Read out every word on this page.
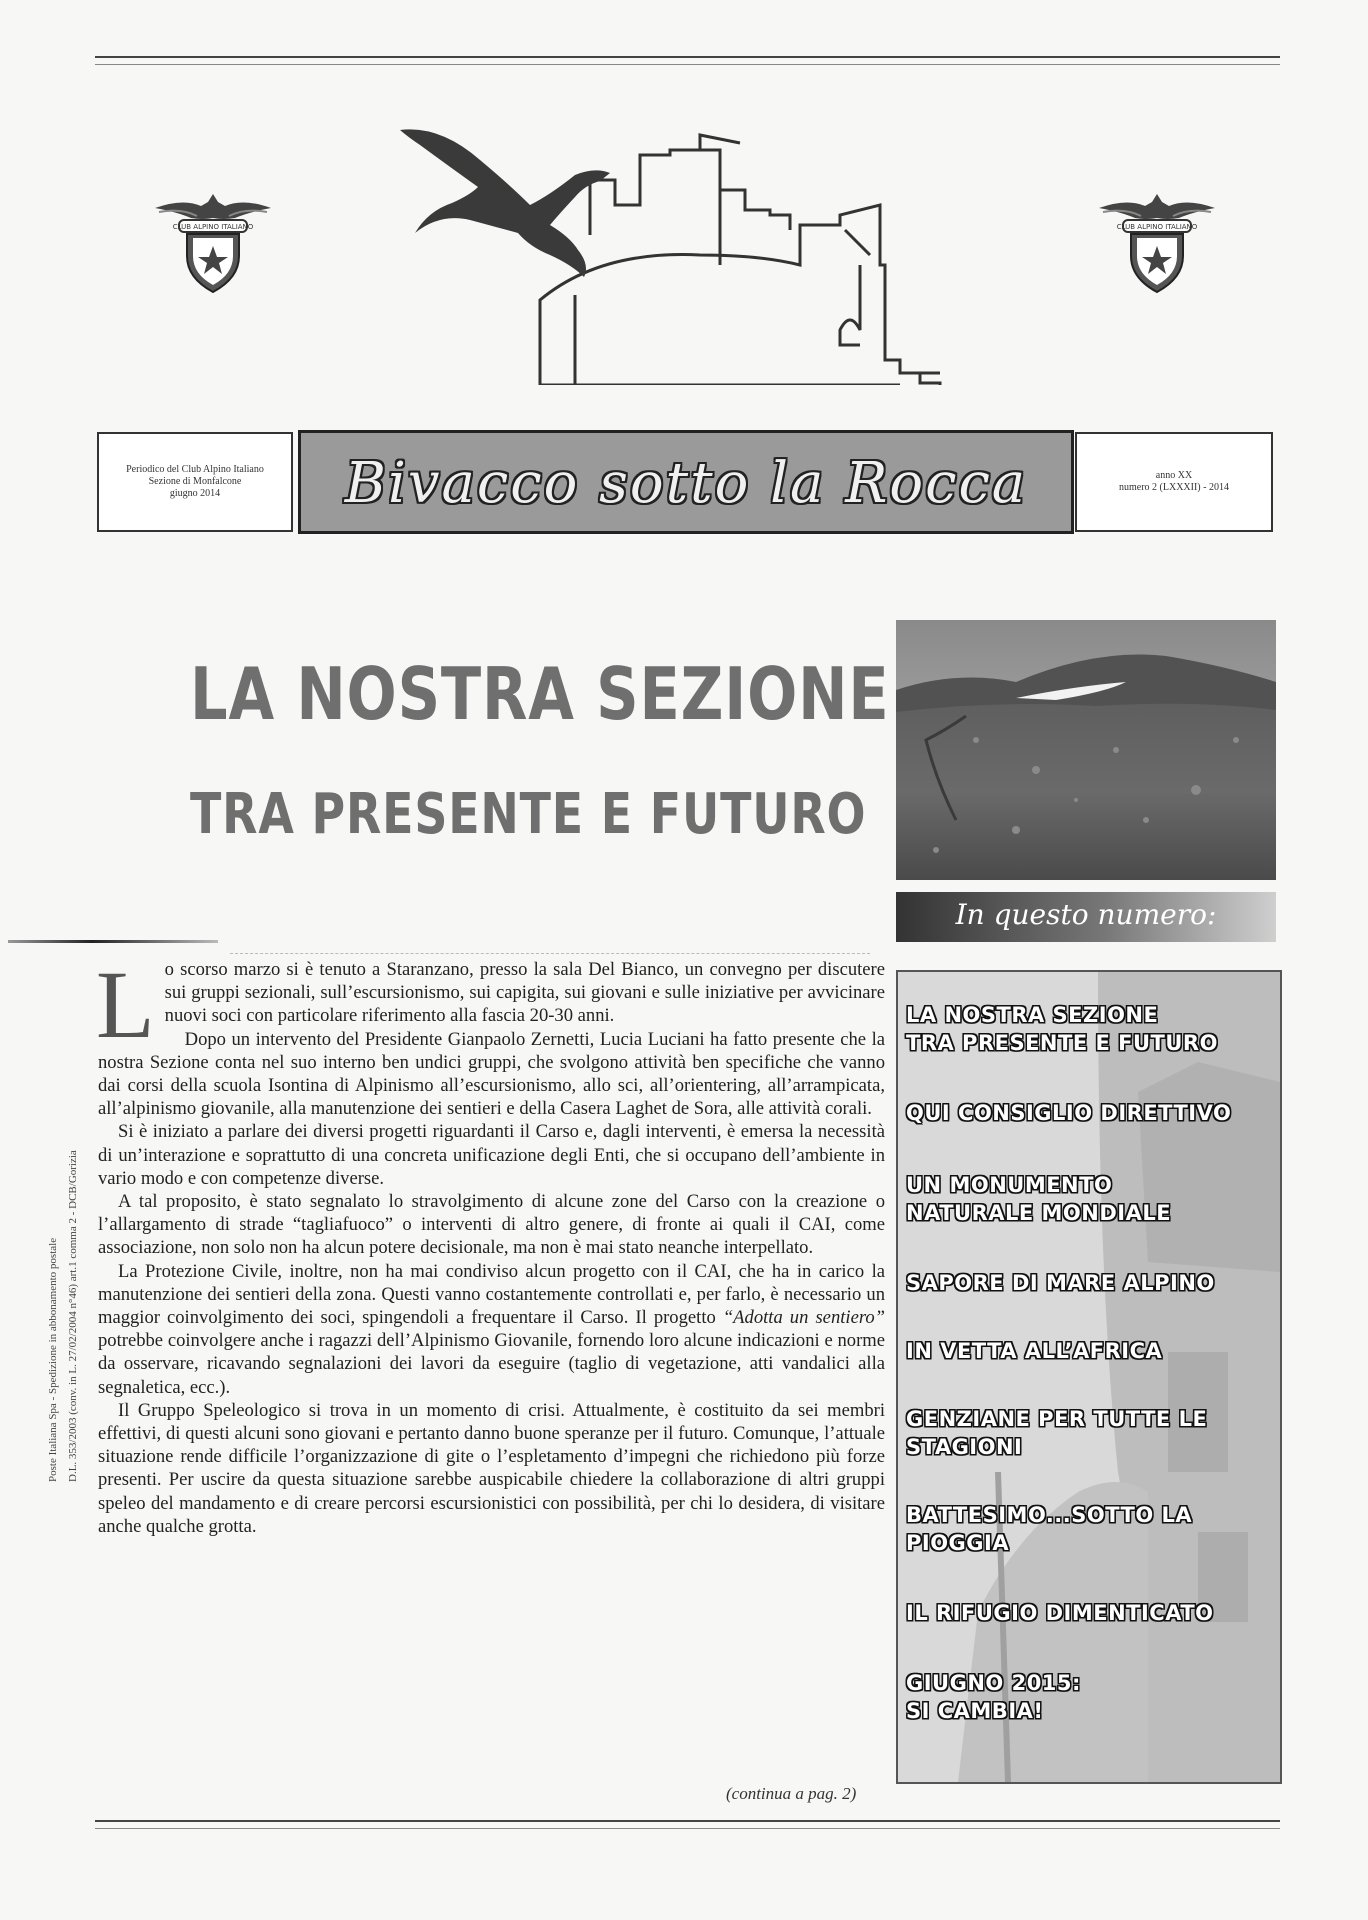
CLUB ALPINO ITALIANO	CLUB ALPINO ITALIANO
Periodico del Club Alpino Italiano
Sezione di Monfalcone
giugno 2014	Bivacco sotto la Rocca	anno XX
numero 2 (LXXXII) - 2014
LA NOSTRA SEZIONE
TRA PRESENTE E FUTURO
In questo numero:
Poste Italiana Spa - Spedizione in abbonamento postale D.L. 353/2003 (conv. in L. 27/02/2004 n°46) art.1 comma 2 - DCB/Gorizia

Lo scorso marzo si è tenuto a Staranzano, presso la sala Del Bianco, un convegno per discutere sui gruppi sezionali, sull’escursionismo, sui capigita, sui giovani e sulle iniziative per avvicinare nuovi soci con particolare riferimento alla fascia 20-30 anni.

Dopo un intervento del Presidente Gianpaolo Zernetti, Lucia Luciani ha fatto presente che la nostra Sezione conta nel suo interno ben undici gruppi, che svolgono attività ben specifiche che vanno dai corsi della scuola Isontina di Alpinismo all’escursionismo, allo sci, all’orientering, all’arrampicata, all’alpinismo giovanile, alla manutenzione dei sentieri e della Casera Laghet de Sora, alle attività corali.

Si è iniziato a parlare dei diversi progetti riguardanti il Carso e, dagli interventi, è emersa la necessità di un’interazione e soprattutto di una concreta unificazione degli Enti, che si occupano dell’ambiente in vario modo e con competenze diverse.

A tal proposito, è stato segnalato lo stravolgimento di alcune zone del Carso con la creazione o l’allargamento di strade “tagliafuoco” o interventi di altro genere, di fronte ai quali il CAI, come associazione, non solo non ha alcun potere decisionale, ma non è mai stato neanche interpellato.

La Protezione Civile, inoltre, non ha mai condiviso alcun progetto con il CAI, che ha in carico la manutenzione dei sentieri della zona. Questi vanno costantemente controllati e, per farlo, è necessario un maggior coinvolgimento dei soci, spingendoli a frequentare il Carso. Il progetto “Adotta un sentiero” potrebbe coinvolgere anche i ragazzi dell’Alpinismo Giovanile, fornendo loro alcune indicazioni e norme da osservare, ricavando segnalazioni dei lavori da eseguire (taglio di vegetazione, atti vandalici alla segnaletica, ecc.).

Il Gruppo Speleologico si trova in un momento di crisi. Attualmente, è costituito da sei membri effettivi, di questi alcuni sono giovani e pertanto danno buone speranze per il futuro. Comunque, l’attuale situazione rende difficile l’organizzazione di gite o l’espletamento d’impegni che richiedono più forze presenti. Per uscire da questa situazione sarebbe auspicabile chiedere la collaborazione di altri gruppi speleo del mandamento e di creare percorsi escursionistici con possibilità, per chi lo desidera, di visitare anche qualche grotta.

(continua a pag. 2)
LA NOSTRA SEZIONE
TRA PRESENTE E FUTURO
QUI CONSIGLIO DIRETTIVO
UN MONUMENTO
NATURALE MONDIALE
SAPORE DI MARE ALPINO
IN VETTA ALL’AFRICA
GENZIANE PER TUTTE LE
STAGIONI
BATTESIMO...SOTTO LA
PIOGGIA
IL RIFUGIO DIMENTICATO
GIUGNO 2015:
SI CAMBIA!
